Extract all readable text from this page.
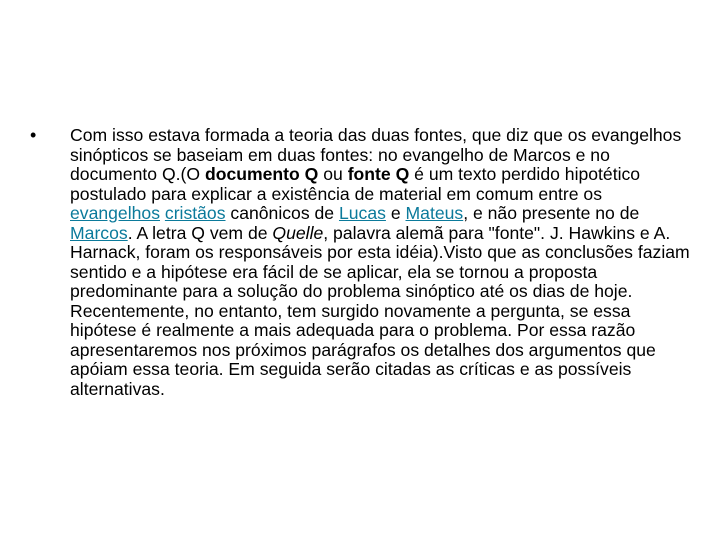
•	Com isso estava formada a teoria das duas fontes, que diz que os evangelhos sinópticos se baseiam em duas fontes: no evangelho de Marcos e no documento Q.(O documento Q ou fonte Q é um texto perdido hipotético postulado para explicar a existência de material em comum entre os evangelhos cristãos canônicos de Lucas e Mateus, e não presente no de Marcos. A letra Q vem de Quelle, palavra alemã para "fonte". J. Hawkins e A. Harnack, foram os responsáveis por esta idéia).Visto que as conclusões faziam sentido e a hipótese era fácil de se aplicar, ela se tornou a proposta predominante para a solução do problema sinóptico até os dias de hoje. Recentemente, no entanto, tem surgido novamente a pergunta, se essa hipótese é realmente a mais adequada para o problema. Por essa razão apresentaremos nos próximos parágrafos os detalhes dos argumentos que apóiam essa teoria. Em seguida serão citadas as críticas e as possíveis alternativas.
